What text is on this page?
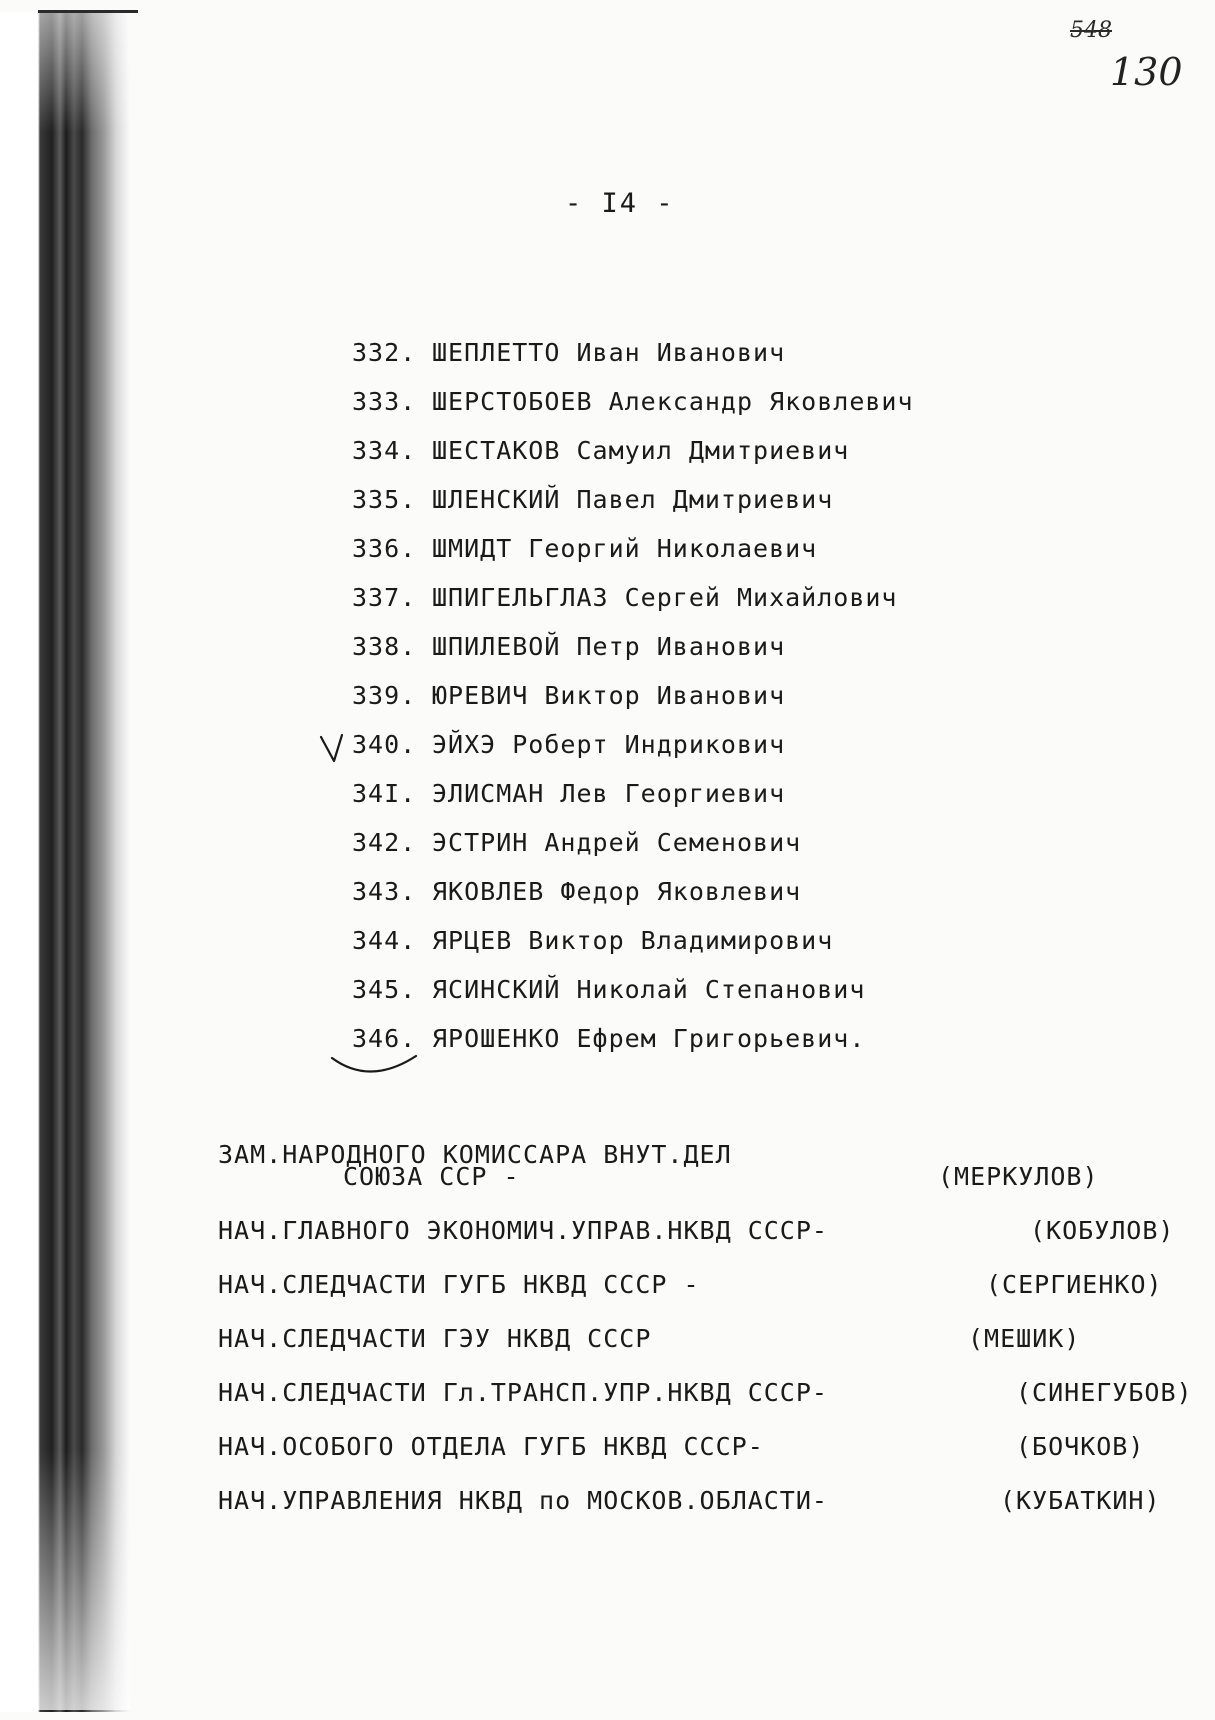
548
130
- I4 -
332. ШЕПЛЕТТО Иван Иванович
333. ШЕРСТОБОЕВ Александр Яковлевич
334. ШЕСТАКОВ Самуил Дмитриевич
335. ШЛЕНСКИЙ Павел Дмитриевич
336. ШМИДТ Георгий Николаевич
337. ШПИГЕЛЬГЛАЗ Сергей Михайлович
338. ШПИЛЕВОЙ Петр Иванович
339. ЮРЕВИЧ Виктор Иванович
340. ЭЙХЭ Роберт Индрикович
34I. ЭЛИСМАН Лев Георгиевич
342. ЭСТРИН Андрей Семенович
343. ЯКОВЛЕВ Федор Яковлевич
344. ЯРЦЕВ Виктор Владимирович
345. ЯСИНСКИЙ Николай Степанович
346. ЯРОШЕНКО Ефрем Григорьевич.
ЗАМ.НАРОДНОГО КОМИССАРА ВНУТ.ДЕЛ
СОЮЗА ССР -	(МЕРКУЛОВ)
НАЧ.ГЛАВНОГО ЭКОНОМИЧ.УПРАВ.НКВД СССР-	(КОБУЛОВ)
НАЧ.СЛЕДЧАСТИ ГУГБ НКВД СССР -	(СЕРГИЕНКО)
НАЧ.СЛЕДЧАСТИ ГЭУ НКВД СССР	(МЕШИК)
НАЧ.СЛЕДЧАСТИ Гл.ТРАНСП.УПР.НКВД СССР-	(СИНЕГУБОВ)
НАЧ.ОСОБОГО ОТДЕЛА ГУГБ НКВД СССР-	(БОЧКОВ)
НАЧ.УПРАВЛЕНИЯ НКВД по МОСКОВ.ОБЛАСТИ-	(КУБАТКИН)
